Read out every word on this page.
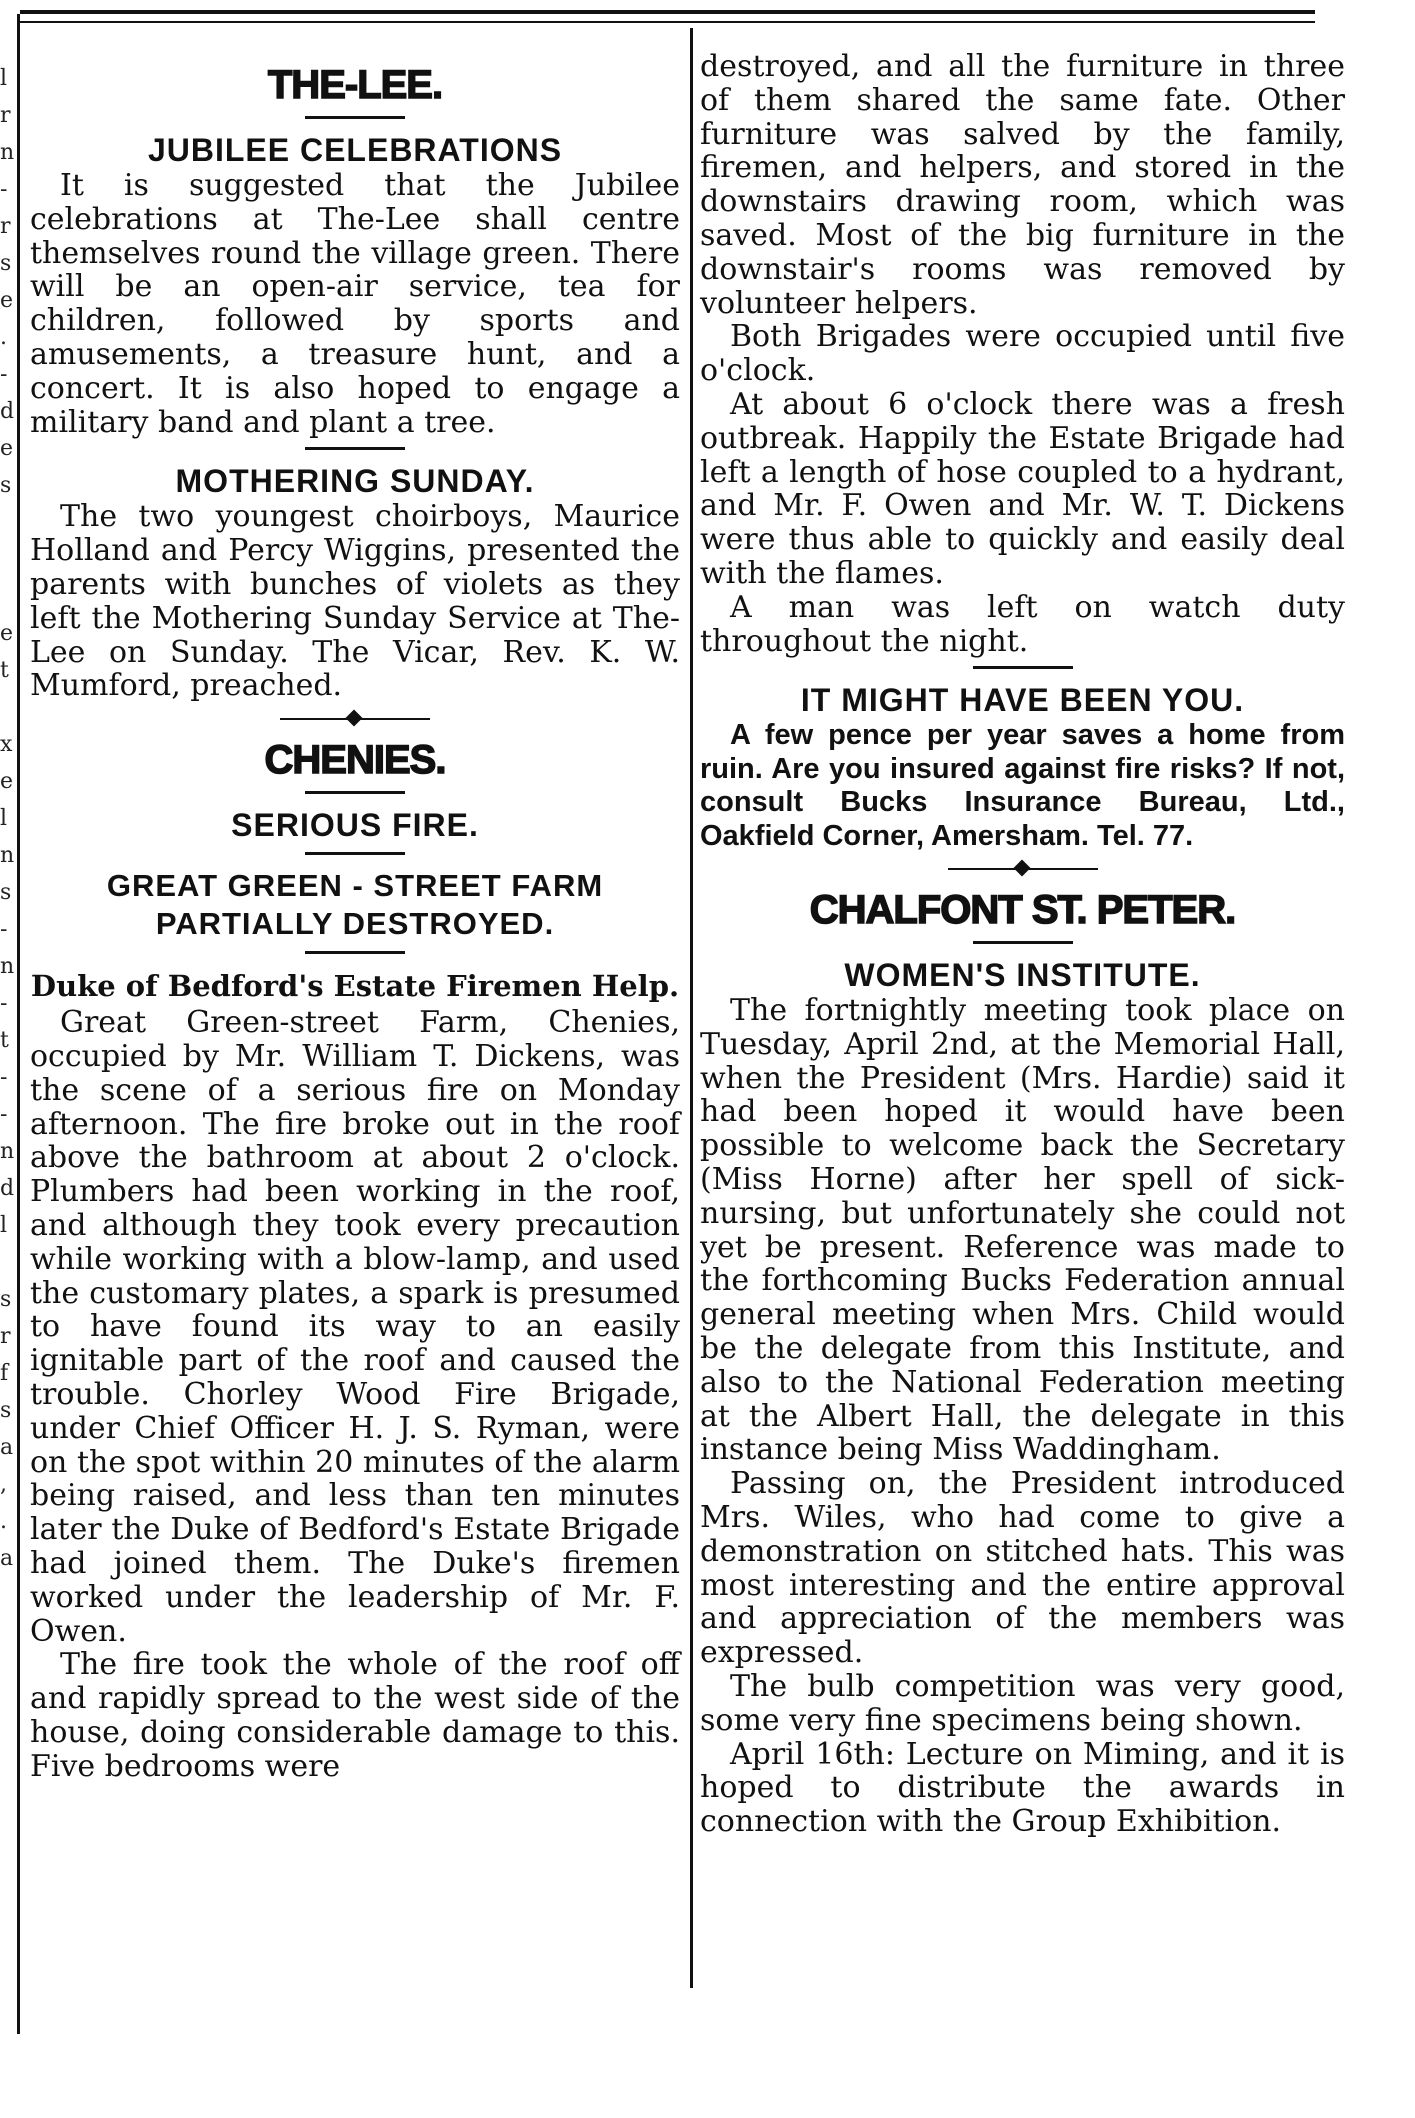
l
r
n
-
r
s
e
.
-
d
e
s
e
t
x
e
l
n
s
-
n
-
t
-
-
n
d
l
s
r
f
s
a
,
.
a
THE-LEE.
JUBILEE CELEBRATIONS

It is suggested that the Jubilee celebrations at The-Lee shall centre themselves round the village green. There will be an open-air service, tea for children, followed by sports and amusements, a treasure hunt, and a concert. It is also hoped to engage a military band and plant a tree.

MOTHERING SUNDAY.

The two youngest choirboys, Maurice Holland and Percy Wiggins, presented the parents with bunches of violets as they left the Mothering Sunday Service at The-Lee on Sunday. The Vicar, Rev. K. W. Mumford, preached.

CHENIES.
SERIOUS FIRE.
GREAT GREEN - STREET FARM
PARTIALLY DESTROYED.
Duke of Bedford's Estate Firemen Help.

Great Green-street Farm, Chenies, occupied by Mr. William T. Dickens, was the scene of a serious fire on Monday afternoon. The fire broke out in the roof above the bathroom at about 2 o'clock. Plumbers had been working in the roof, and although they took every precaution while working with a blow-lamp, and used the customary plates, a spark is presumed to have found its way to an easily ignitable part of the roof and caused the trouble. Chorley Wood Fire Brigade, under Chief Officer H. J. S. Ryman, were on the spot within 20 minutes of the alarm being raised, and less than ten minutes later the Duke of Bedford's Estate Brigade had joined them. The Duke's firemen worked under the leadership of Mr. F. Owen.

The fire took the whole of the roof off and rapidly spread to the west side of the house, doing considerable damage to this. Five bedrooms were

destroyed, and all the furniture in three of them shared the same fate. Other furniture was salved by the family, firemen, and helpers, and stored in the downstairs drawing room, which was saved. Most of the big furniture in the downstair's rooms was removed by volunteer helpers.

Both Brigades were occupied until five o'clock.

At about 6 o'clock there was a fresh outbreak. Happily the Estate Brigade had left a length of hose coupled to a hydrant, and Mr. F. Owen and Mr. W. T. Dickens were thus able to quickly and easily deal with the flames.

A man was left on watch duty throughout the night.

IT MIGHT HAVE BEEN YOU.

A few pence per year saves a home from ruin. Are you insured against fire risks? If not, consult Bucks Insurance Bureau, Ltd., Oakfield Corner, Amersham. Tel. 77.

CHALFONT ST. PETER.
WOMEN'S INSTITUTE.

The fortnightly meeting took place on Tuesday, April 2nd, at the Memorial Hall, when the President (Mrs. Hardie) said it had been hoped it would have been possible to welcome back the Secretary (Miss Horne) after her spell of sick-nursing, but unfortunately she could not yet be present. Reference was made to the forthcoming Bucks Federation annual general meeting when Mrs. Child would be the delegate from this Institute, and also to the National Federation meeting at the Albert Hall, the delegate in this instance being Miss Waddingham.

Passing on, the President introduced Mrs. Wiles, who had come to give a demonstration on stitched hats. This was most interesting and the entire approval and appreciation of the members was expressed.

The bulb competition was very good, some very fine specimens being shown.

April 16th: Lecture on Miming, and it is hoped to distribute the awards in connection with the Group Exhibition.
